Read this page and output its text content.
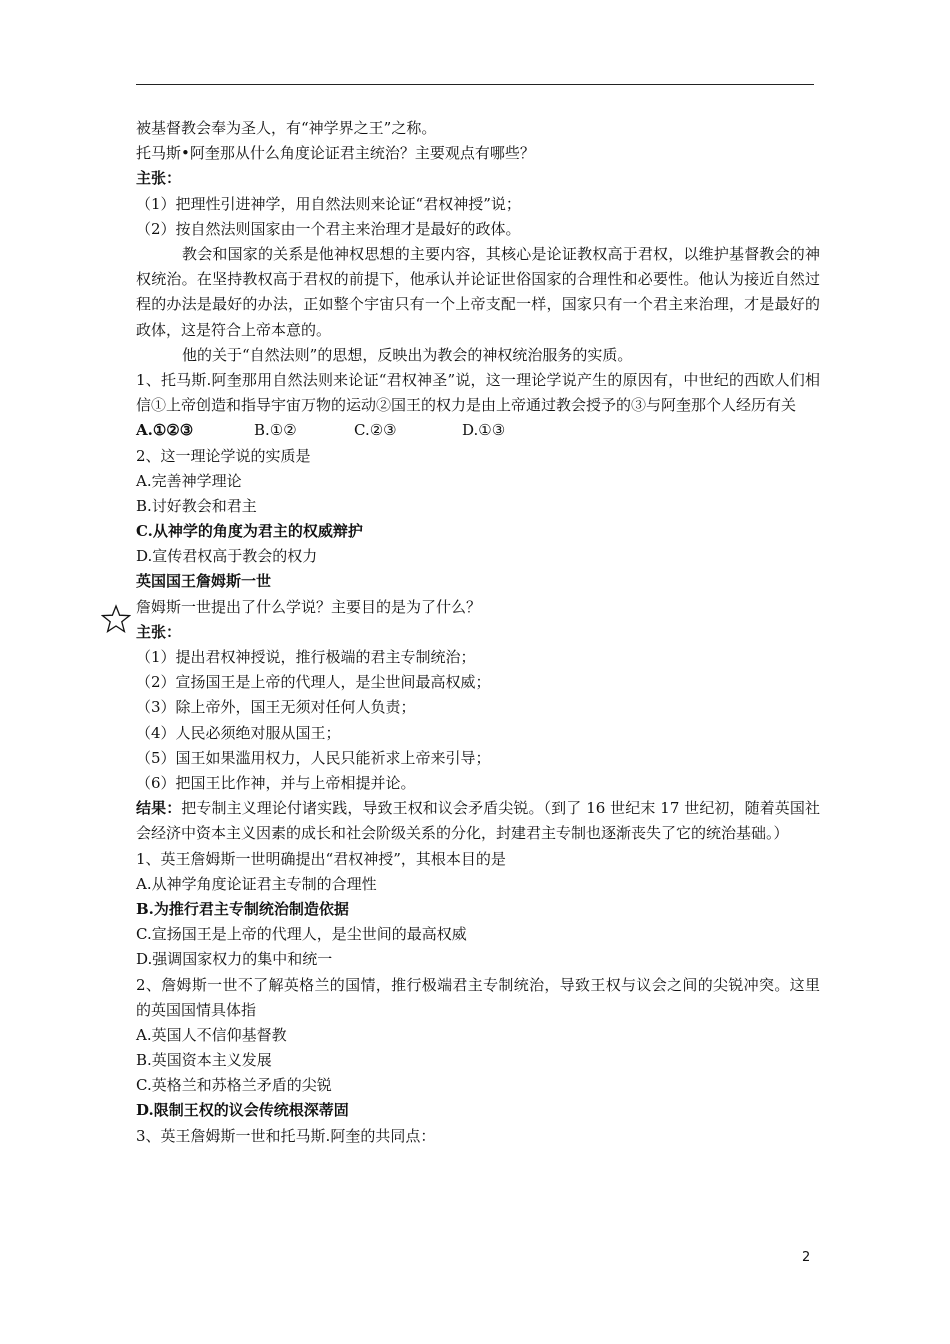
被基督教会奉为圣人，有“神学界之王”之称。
托马斯•阿奎那从什么角度论证君主统治？主要观点有哪些？
主张：
（1）把理性引进神学，用自然法则来论证“君权神授”说；
（2）按自然法则国家由一个君主来治理才是最好的政体。
教会和国家的关系是他神权思想的主要内容，其核心是论证教权高于君权，以维护基督教会的神权统治。在坚持教权高于君权的前提下，他承认并论证世俗国家的合理性和必要性。他认为接近自然过程的办法是最好的办法，正如整个宇宙只有一个上帝支配一样，国家只有一个君主来治理，才是最好的政体，这是符合上帝本意的。
他的关于“自然法则”的思想，反映出为教会的神权统治服务的实质。
1、托马斯.阿奎那用自然法则来论证“君权神圣”说，这一理论学说产生的原因有，中世纪的西欧人们相信①上帝创造和指导宇宙万物的运动②国王的权力是由上帝通过教会授予的③与阿奎那个人经历有关
A.①②③	B.①②	C.②③	D.①③
2、这一理论学说的实质是
A.完善神学理论
B.讨好教会和君主
C.从神学的角度为君主的权威辩护
D.宣传君权高于教会的权力
英国国王詹姆斯一世
詹姆斯一世提出了什么学说？主要目的是为了什么？
主张：
（1）提出君权神授说，推行极端的君主专制统治；
（2）宣扬国王是上帝的代理人，是尘世间最高权威；
（3）除上帝外，国王无须对任何人负责；
（4）人民必须绝对服从国王；
（5）国王如果滥用权力，人民只能祈求上帝来引导；
（6）把国王比作神，并与上帝相提并论。
结果：把专制主义理论付诸实践，导致王权和议会矛盾尖锐。（到了 16 世纪末 17 世纪初，随着英国社会经济中资本主义因素的成长和社会阶级关系的分化，封建君主专制也逐渐丧失了它的统治基础。）
1、英王詹姆斯一世明确提出“君权神授”，其根本目的是
A.从神学角度论证君主专制的合理性
B.为推行君主专制统治制造依据
C.宣扬国王是上帝的代理人，是尘世间的最高权威
D.强调国家权力的集中和统一
2、詹姆斯一世不了解英格兰的国情，推行极端君主专制统治，导致王权与议会之间的尖锐冲突。这里的英国国情具体指
A.英国人不信仰基督教
B.英国资本主义发展
C.英格兰和苏格兰矛盾的尖锐
D.限制王权的议会传统根深蒂固
3、英王詹姆斯一世和托马斯.阿奎的共同点：
2
